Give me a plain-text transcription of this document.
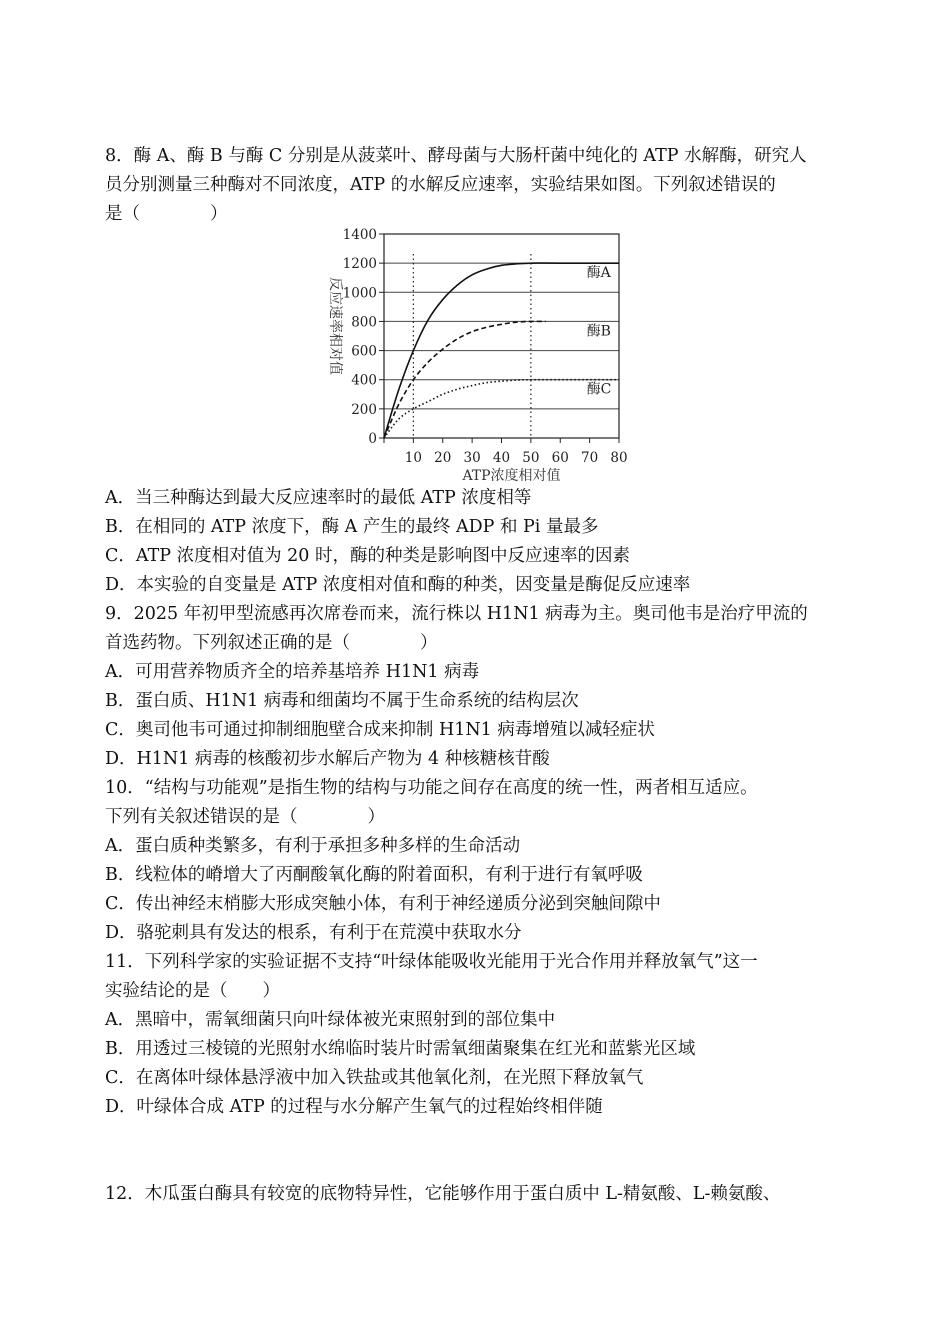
8．酶 A、酶 B 与酶 C 分别是从菠菜叶、酵母菌与大肠杆菌中纯化的 ATP 水解酶，研究人
员分别测量三种酶对不同浓度，ATP 的水解反应速率，实验结果如图。下列叙述错误的
是（　　　　）
0
200
400
600
800
1000
1200
1400
10 20 30 40 50 60 70 80
酶A
酶B
酶C
ATP浓度相对值
反应速率相对值
A．当三种酶达到最大反应速率时的最低 ATP 浓度相等
B．在相同的 ATP 浓度下，酶 A 产生的最终 ADP 和 Pi 量最多
C．ATP 浓度相对值为 20 时，酶的种类是影响图中反应速率的因素
D．本实验的自变量是 ATP 浓度相对值和酶的种类，因变量是酶促反应速率
9．2025 年初甲型流感再次席卷而来，流行株以 H1N1 病毒为主。奥司他韦是治疗甲流的
首选药物。下列叙述正确的是（　　　　）
A．可用营养物质齐全的培养基培养 H1N1 病毒
B．蛋白质、H1N1 病毒和细菌均不属于生命系统的结构层次
C．奥司他韦可通过抑制细胞壁合成来抑制 H1N1 病毒增殖以减轻症状
D．H1N1 病毒的核酸初步水解后产物为 4 种核糖核苷酸
10．“结构与功能观”是指生物的结构与功能之间存在高度的统一性，两者相互适应。
下列有关叙述错误的是（　　　　）
A．蛋白质种类繁多，有利于承担多种多样的生命活动
B．线粒体的嵴增大了丙酮酸氧化酶的附着面积，有利于进行有氧呼吸
C．传出神经末梢膨大形成突触小体，有利于神经递质分泌到突触间隙中
D．骆驼刺具有发达的根系，有利于在荒漠中获取水分
11．下列科学家的实验证据不支持“叶绿体能吸收光能用于光合作用并释放氧气”这一
实验结论的是（　　）
A．黑暗中，需氧细菌只向叶绿体被光束照射到的部位集中
B．用透过三棱镜的光照射水绵临时装片时需氧细菌聚集在红光和蓝紫光区域
C．在离体叶绿体悬浮液中加入铁盐或其他氧化剂，在光照下释放氧气
D．叶绿体合成 ATP 的过程与水分解产生氧气的过程始终相伴随
12．木瓜蛋白酶具有较宽的底物特异性，它能够作用于蛋白质中 L-精氨酸、L-赖氨酸、
